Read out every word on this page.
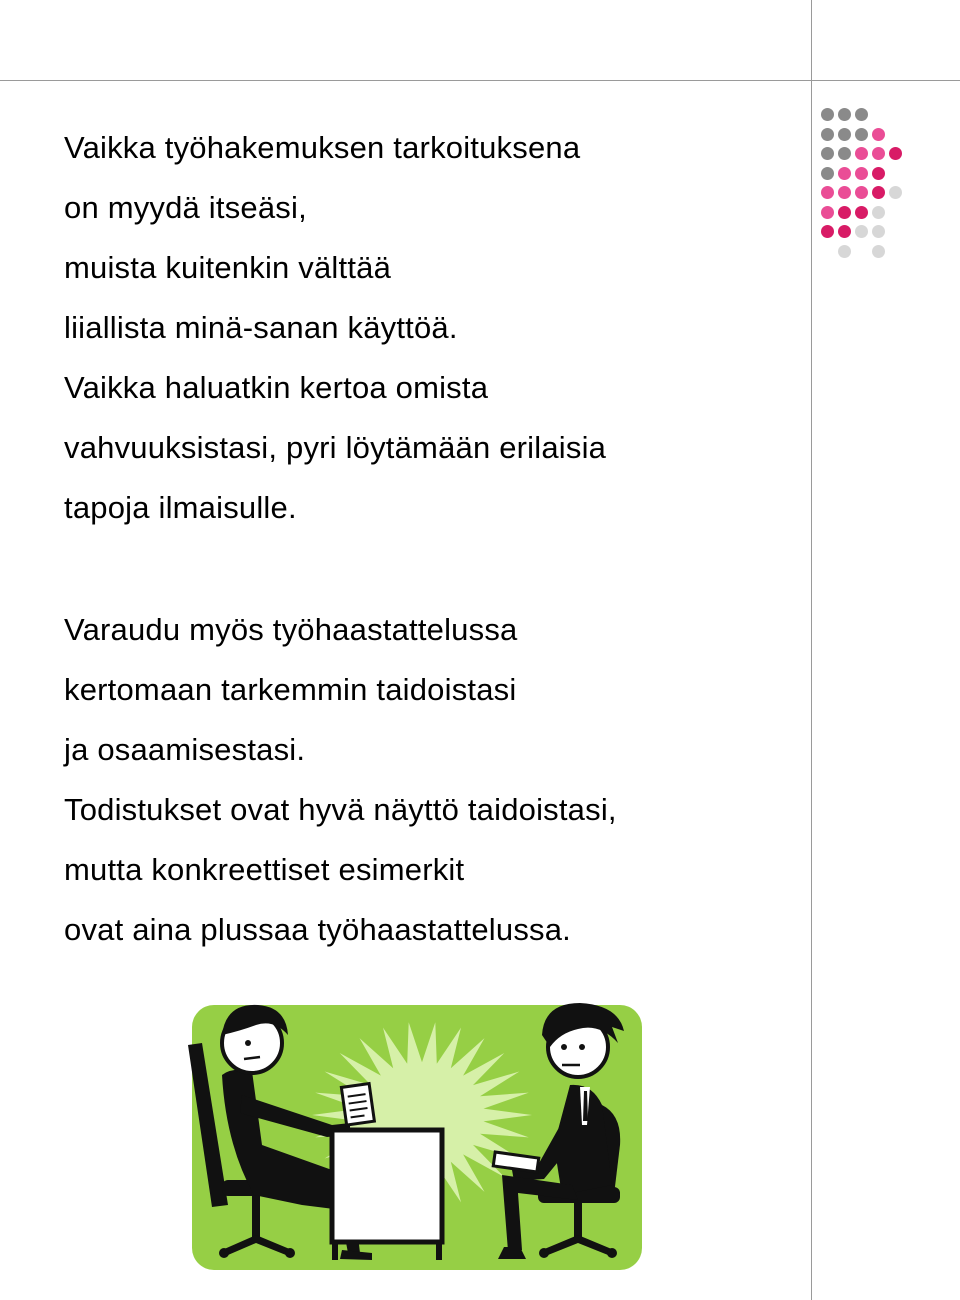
Vaikka työhakemuksen tarkoituksena
on myydä itseäsi,
muista kuitenkin välttää
liiallista minä-sanan käyttöä.
Vaikka haluatkin kertoa omista
vahvuuksistasi, pyri löytämään erilaisia
tapoja ilmaisulle.
Varaudu myös työhaastattelussa
kertomaan tarkemmin taidoistasi
ja osaamisestasi.
Todistukset ovat hyvä näyttö taidoistasi,
mutta konkreettiset esimerkit
ovat aina plussaa työhaastattelussa.
